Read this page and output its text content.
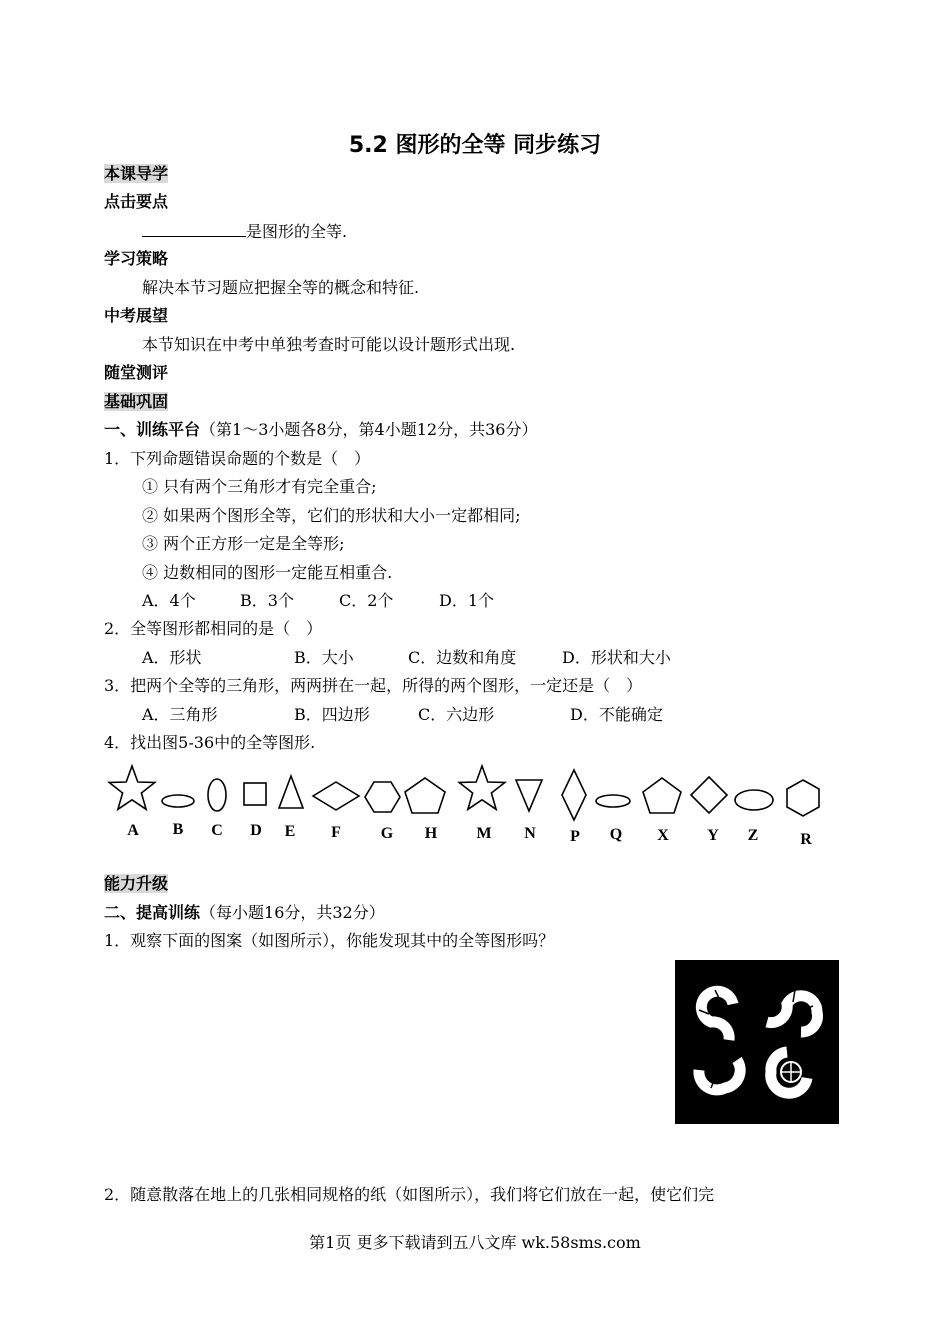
5.2 图形的全等 同步练习
本课导学
点击要点
是图形的全等.
学习策略
解决本节习题应把握全等的概念和特征.
中考展望
本节知识在中考中单独考查时可能以设计题形式出现.
随堂测评
基础巩固
一、训练平台（第1～3小题各8分，第4小题12分，共36分）
1．下列命题错误命题的个数是（　）
① 只有两个三角形才有完全重合;
② 如果两个图形全等，它们的形状和大小一定都相同;
③ 两个正方形一定是全等形;
④ 边数相同的图形一定能互相重合.
A．4个	B．3个	C．2个	D．1个
2．全等图形都相同的是（　）
A．形状	B．大小	C．边数和角度	D．形状和大小
3．把两个全等的三角形，两两拼在一起，所得的两个图形，一定还是（　）
A．三角形	B．四边形	C．六边形	D．不能确定
4．找出图5-36中的全等图形.
A B C D E F G H M N P Q X Y Z	R
能力升级
二、提高训练（每小题16分，共32分）
1．观察下面的图案（如图所示），你能发现其中的全等图形吗？
2．随意散落在地上的几张相同规格的纸（如图所示），我们将它们放在一起，使它们完
第1页 更多下载请到五八文库 wk.58sms.com
